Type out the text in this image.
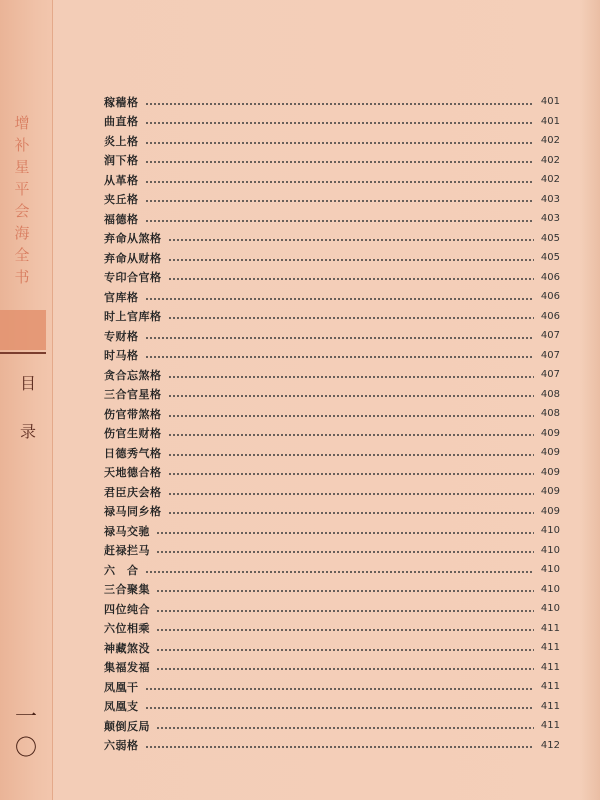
增
补
星
平
会
海
全
书
目
录
一〇
稼穑格	401
曲直格	401
炎上格	402
润下格	402
从革格	402
夹丘格	403
福德格	403
弃命从煞格	405
弃命从财格	405
专印合官格	406
官库格	406
时上官库格	406
专财格	407
时马格	407
贪合忘煞格	407
三合官星格	408
伤官带煞格	408
伤官生财格	409
日德秀气格	409
天地德合格	409
君臣庆会格	409
禄马同乡格	409
禄马交驰	410
赶禄拦马	410
六　合	410
三合聚集	410
四位纯合	410
六位相乘	411
神藏煞没	411
集福发福	411
凤凰干	411
凤凰支	411
颠倒反局	411
六弱格	412
